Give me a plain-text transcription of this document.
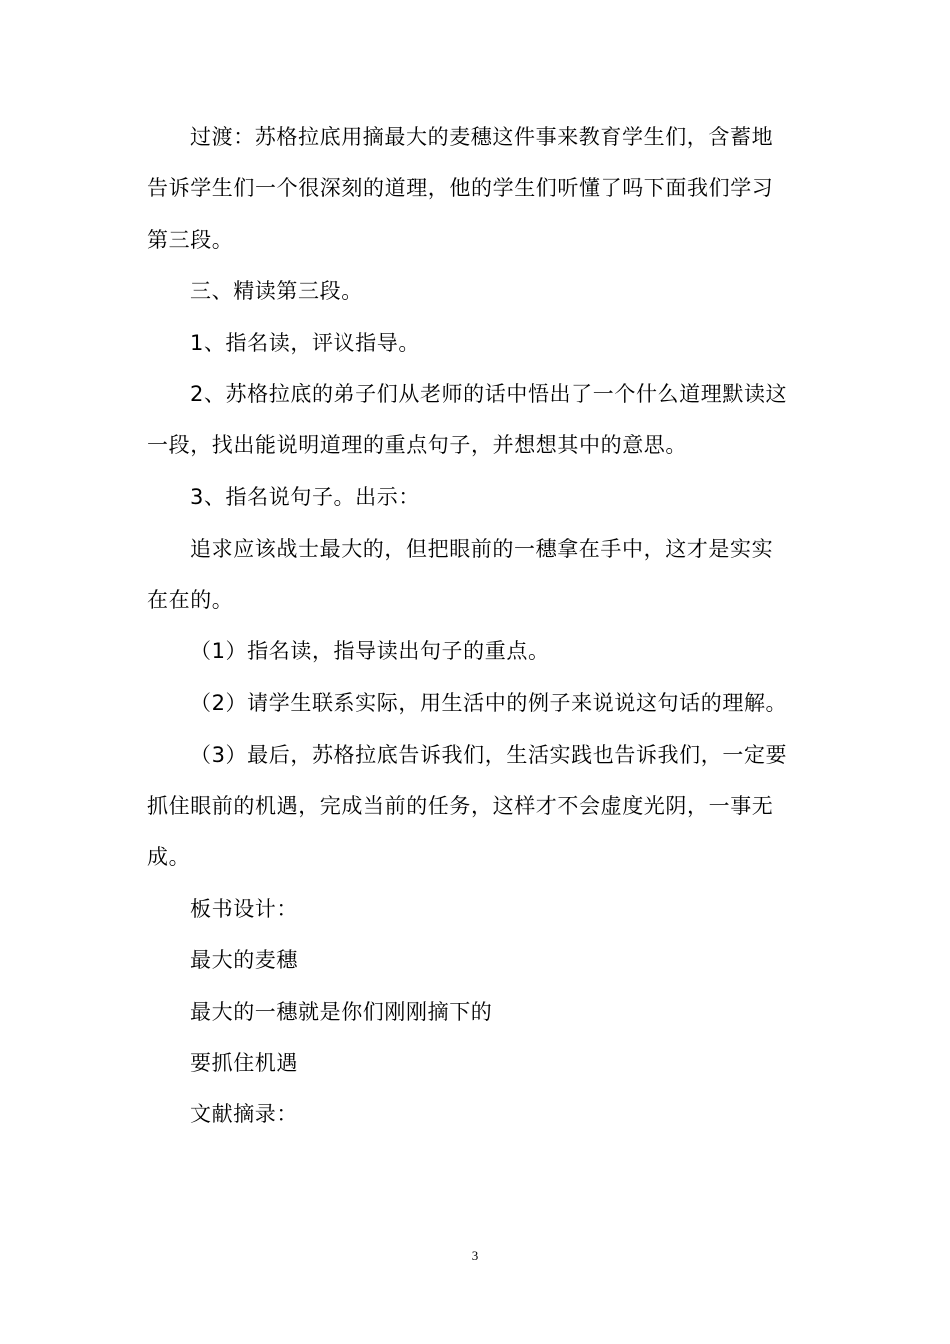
过渡：苏格拉底用摘最大的麦穗这件事来教育学生们，含蓄地
告诉学生们一个很深刻的道理，他的学生们听懂了吗下面我们学习
第三段。
三、精读第三段。
1、指名读，评议指导。
2、苏格拉底的弟子们从老师的话中悟出了一个什么道理默读这
一段，找出能说明道理的重点句子，并想想其中的意思。
3、指名说句子。出示：
追求应该战士最大的，但把眼前的一穗拿在手中，这才是实实
在在的。
（1）指名读，指导读出句子的重点。
（2）请学生联系实际，用生活中的例子来说说这句话的理解。
（3）最后，苏格拉底告诉我们，生活实践也告诉我们，一定要
抓住眼前的机遇，完成当前的任务，这样才不会虚度光阴，一事无
成。
板书设计：
最大的麦穗
最大的一穗就是你们刚刚摘下的
要抓住机遇
文献摘录：
3
